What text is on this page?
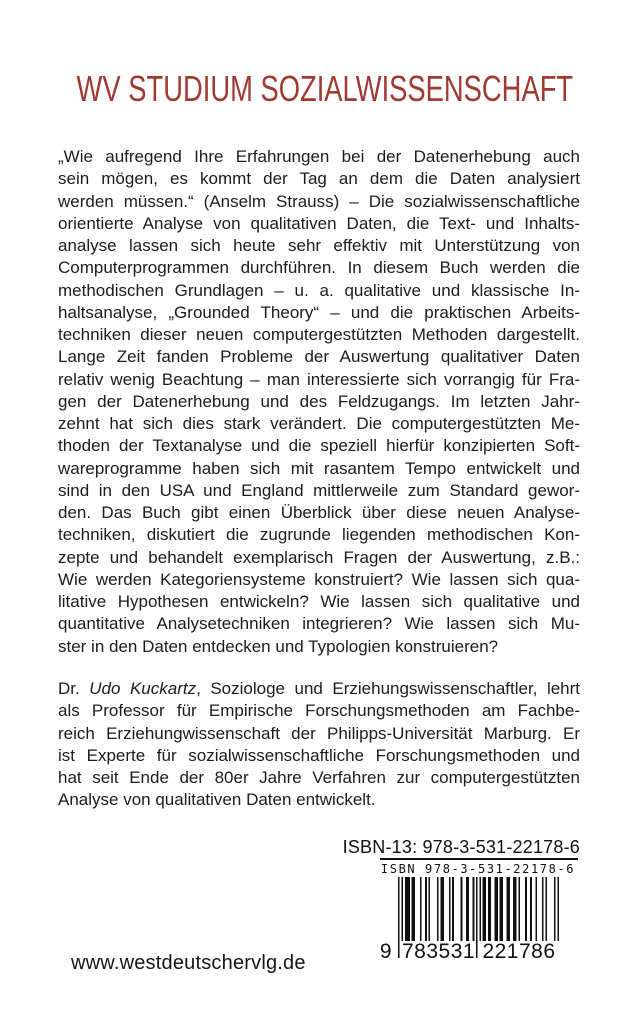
WV STUDIUM SOZIALWISSENSCHAFT
„Wie aufregend Ihre Erfahrungen bei der Datenerhebung auch
sein mögen, es kommt der Tag an dem die Daten analysiert
werden müssen.“ (Anselm Strauss) – Die sozialwissenschaftliche
orientierte Analyse von qualitativen Daten, die Text- und Inhalts-
analyse lassen sich heute sehr effektiv mit Unterstützung von
Computerprogrammen durchführen. In diesem Buch werden die
methodischen Grundlagen – u. a. qualitative und klassische In-
haltsanalyse, „Grounded Theory“ – und die praktischen Arbeits-
techniken dieser neuen computergestützten Methoden dargestellt.
Lange Zeit fanden Probleme der Auswertung qualitativer Daten
relativ wenig Beachtung – man interessierte sich vorrangig für Fra-
gen der Datenerhebung und des Feldzugangs. Im letzten Jahr-
zehnt hat sich dies stark verändert. Die computergestützten Me-
thoden der Textanalyse und die speziell hierfür konzipierten Soft-
wareprogramme haben sich mit rasantem Tempo entwickelt und
sind in den USA und England mittlerweile zum Standard gewor-
den. Das Buch gibt einen Überblick über diese neuen Analyse-
techniken, diskutiert die zugrunde liegenden methodischen Kon-
zepte und behandelt exemplarisch Fragen der Auswertung, z.B.:
Wie werden Kategoriensysteme konstruiert? Wie lassen sich qua-
litative Hypothesen entwickeln? Wie lassen sich qualitative und
quantitative Analysetechniken integrieren? Wie lassen sich Mu-
ster in den Daten entdecken und Typologien konstruieren?
Dr. Udo Kuckartz, Soziologe und Erziehungswissenschaftler, lehrt
als Professor für Empirische Forschungsmethoden am Fachbe-
reich Erziehungwissenschaft der Philipps-Universität Marburg. Er
ist Experte für sozialwissenschaftliche Forschungsmethoden und
hat seit Ende der 80er Jahre Verfahren zur computergestützten
Analyse von qualitativen Daten entwickelt.
ISBN-13: 978-3-531-22178-6
ISBN 978-3-531-22178-6
9 783531 221786
www.westdeutschervlg.de
